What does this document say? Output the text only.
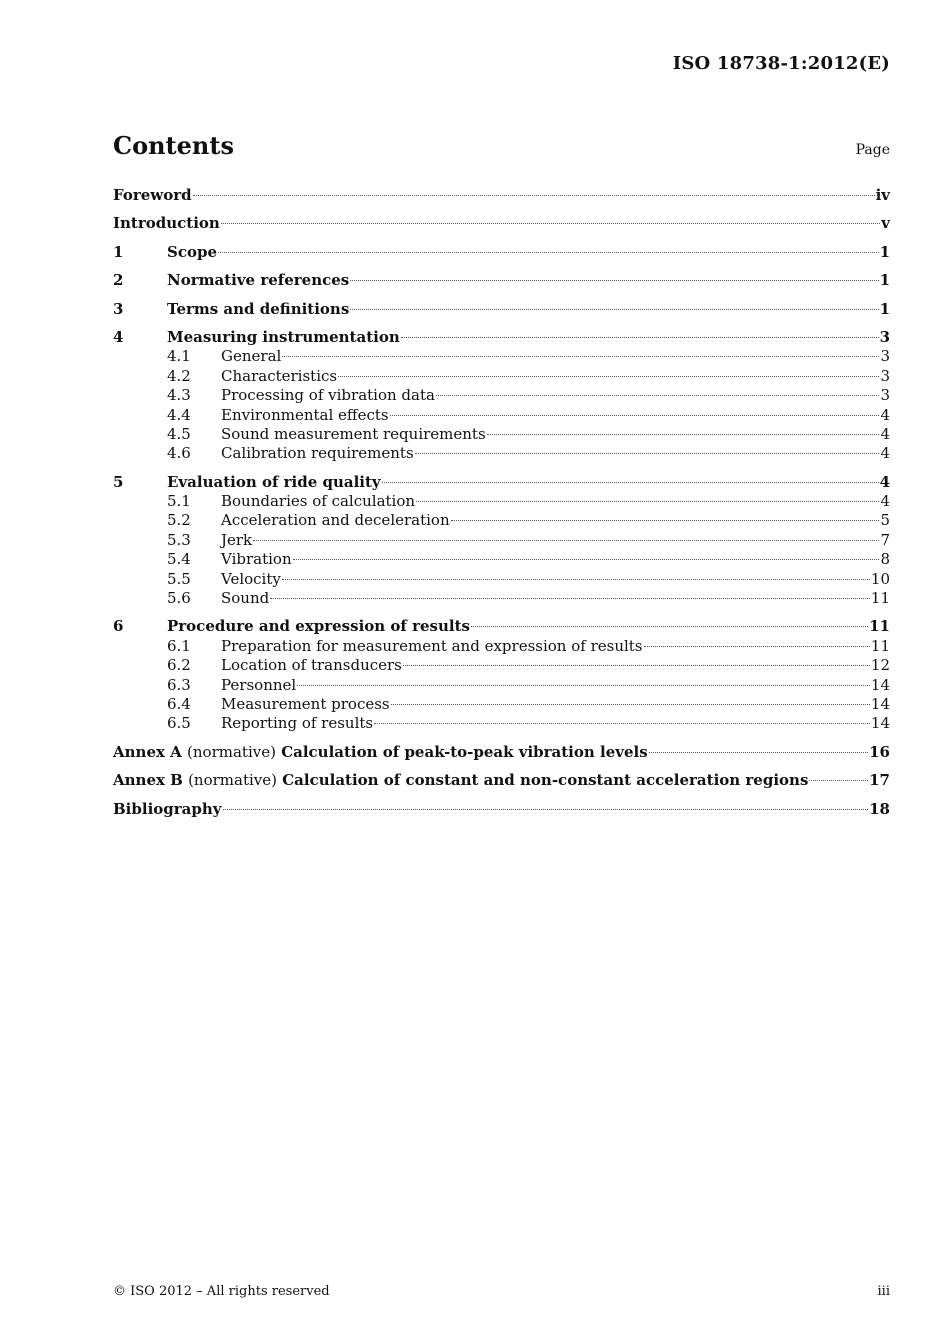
ISO 18738-1:2012(E)
Contents	Page
Foreword	iv
Introduction	v
1	Scope	1
2	Normative references	1
3	Terms and definitions	1
4	Measuring instrumentation	3
4.1	General	3
4.2	Characteristics	3
4.3	Processing of vibration data	3
4.4	Environmental effects	4
4.5	Sound measurement requirements	4
4.6	Calibration requirements	4
5	Evaluation of ride quality	4
5.1	Boundaries of calculation	4
5.2	Acceleration and deceleration	5
5.3	Jerk	7
5.4	Vibration	8
5.5	Velocity	10
5.6	Sound	11
6	Procedure and expression of results	11
6.1	Preparation for measurement and expression of results	11
6.2	Location of transducers	12
6.3	Personnel	14
6.4	Measurement process	14
6.5	Reporting of results	14
Annex A (normative) Calculation of peak-to-peak vibration levels	16
Annex B (normative) Calculation of constant and non-constant acceleration regions	17
Bibliography	18
© ISO 2012 – All rights reserved	iii
